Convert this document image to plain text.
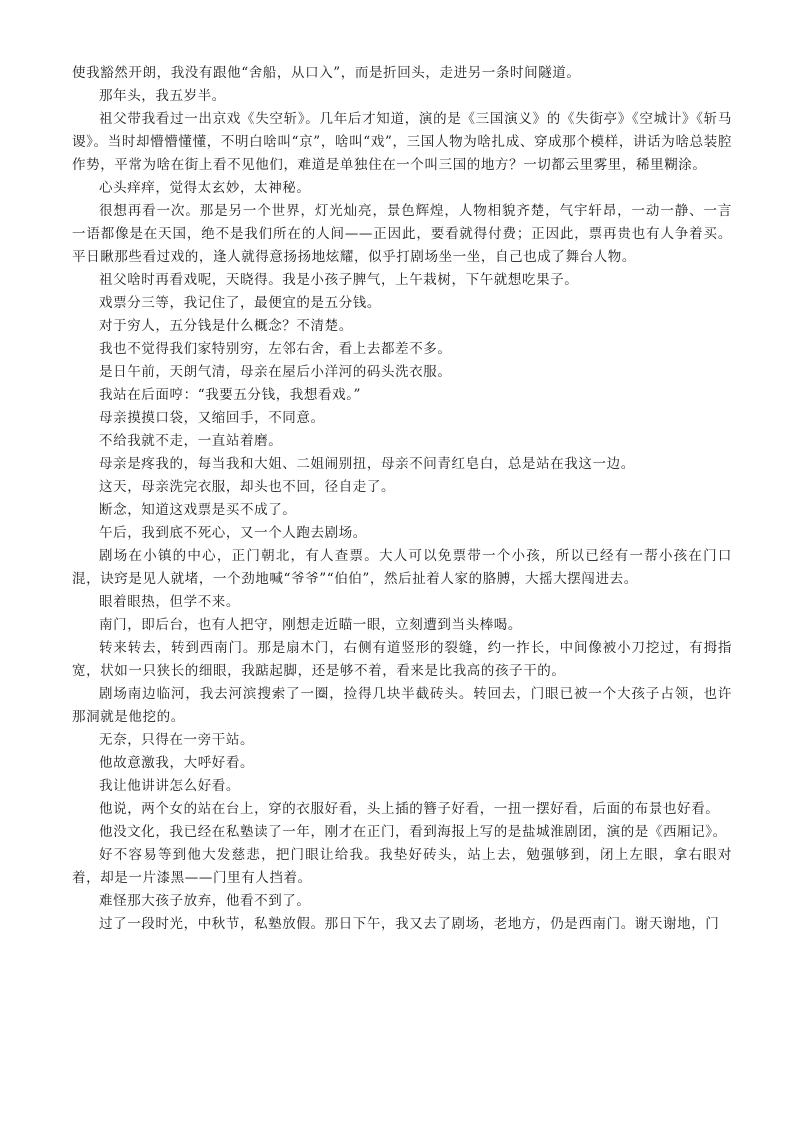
使我豁然开朗，我没有跟他“舍船，从口入”，而是折回头，走进另一条时间隧道。

那年头，我五岁半。

祖父带我看过一出京戏《失空斩》。几年后才知道，演的是《三国演义》的《失街亭》《空城计》《斩马谡》。当时却懵懵懂懂，不明白啥叫“京”，啥叫“戏”，三国人物为啥扎成、穿成那个模样，讲话为啥总装腔作势，平常为啥在街上看不见他们，难道是单独住在一个叫三国的地方？一切都云里雾里，稀里糊涂。

心头痒痒，觉得太玄妙，太神秘。

很想再看一次。那是另一个世界，灯光灿亮，景色辉煌，人物相貌齐楚，气宇轩昂，一动一静、一言一语都像是在天国，绝不是我们所在的人间——正因此，要看就得付费；正因此，票再贵也有人争着买。平日瞅那些看过戏的，逢人就得意扬扬地炫耀，似乎打剧场坐一坐，自己也成了舞台人物。

祖父啥时再看戏呢，天晓得。我是小孩子脾气，上午栽树，下午就想吃果子。

戏票分三等，我记住了，最便宜的是五分钱。

对于穷人，五分钱是什么概念？不清楚。

我也不觉得我们家特别穷，左邻右舍，看上去都差不多。

是日午前，天朗气清，母亲在屋后小洋河的码头洗衣服。

我站在后面哼：“我要五分钱，我想看戏。”

母亲摸摸口袋，又缩回手，不同意。

不给我就不走，一直站着磨。

母亲是疼我的，每当我和大姐、二姐闹别扭，母亲不问青红皂白，总是站在我这一边。

这天，母亲洗完衣服，却头也不回，径自走了。

断念，知道这戏票是买不成了。

午后，我到底不死心，又一个人跑去剧场。

剧场在小镇的中心，正门朝北，有人查票。大人可以免票带一个小孩，所以已经有一帮小孩在门口混，诀窍是见人就堵，一个劲地喊“爷爷”“伯伯”，然后扯着人家的胳膊，大摇大摆闯进去。

眼着眼热，但学不来。

南门，即后台，也有人把守，刚想走近瞄一眼，立刻遭到当头棒喝。

转来转去，转到西南门。那是扇木门，右侧有道竖形的裂缝，约一拃长，中间像被小刀挖过，有拇指宽，状如一只狭长的细眼，我踮起脚，还是够不着，看来是比我高的孩子干的。

剧场南边临河，我去河滨搜索了一圈，捡得几块半截砖头。转回去，门眼已被一个大孩子占领，也许那洞就是他挖的。

无奈，只得在一旁干站。

他故意激我，大呼好看。

我让他讲讲怎么好看。

他说，两个女的站在台上，穿的衣服好看，头上插的簪子好看，一扭一摆好看，后面的布景也好看。

他没文化，我已经在私塾读了一年，刚才在正门，看到海报上写的是盐城淮剧团，演的是《西厢记》。

好不容易等到他大发慈悲，把门眼让给我。我垫好砖头，站上去，勉强够到，闭上左眼，拿右眼对着，却是一片漆黑——门里有人挡着。

难怪那大孩子放弃，他看不到了。

过了一段时光，中秋节，私塾放假。那日下午，我又去了剧场，老地方，仍是西南门。谢天谢地，门
